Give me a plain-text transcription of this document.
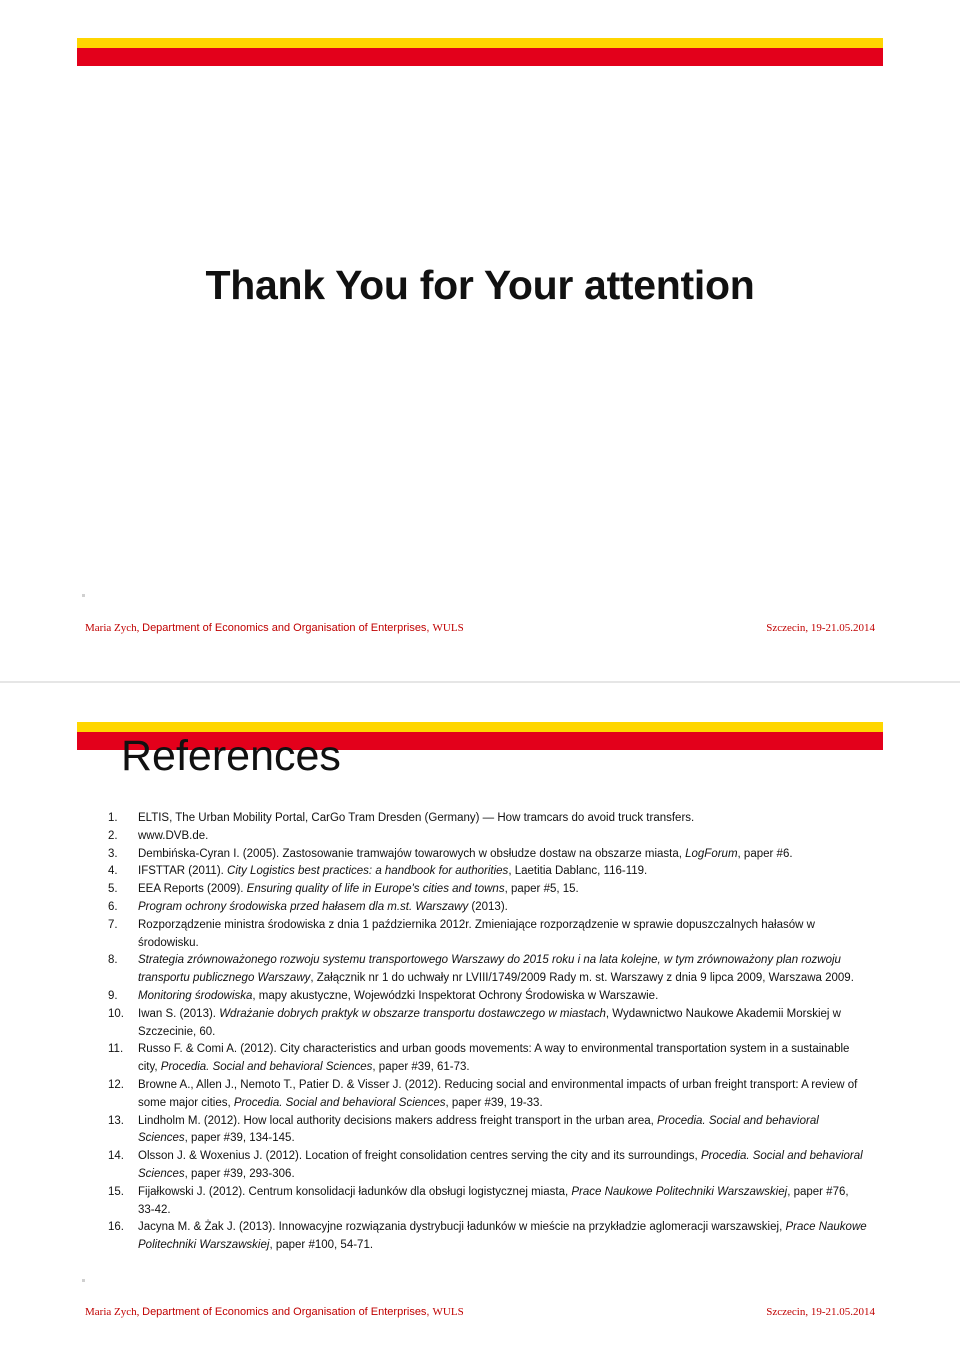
Thank You for Your attention
Maria Zych, Department of Economics and Organisation of Enterprises, WULS	Szczecin, 19-21.05.2014
References
1. ELTIS, The Urban Mobility Portal, CarGo Tram Dresden (Germany) — How tramcars do avoid truck transfers.
2. www.DVB.de.
3. Dembińska-Cyran I. (2005). Zastosowanie tramwajów towarowych w obsłudze dostaw na obszarze miasta, LogForum, paper #6.
4. IFSTTAR (2011). City Logistics best practices: a handbook for authorities, Laetitia Dablanc, 116-119.
5. EEA Reports (2009). Ensuring quality of life in Europe's cities and towns, paper #5, 15.
6. Program ochrony środowiska przed hałasem dla m.st. Warszawy (2013).
7. Rozporządzenie ministra środowiska z dnia 1 października 2012r. Zmieniające rozporządzenie w sprawie dopuszczalnych hałasów w środowisku.
8. Strategia zrównoważonego rozwoju systemu transportowego Warszawy do 2015 roku i na lata kolejne, w tym zrównoważony plan rozwoju transportu publicznego Warszawy, Załącznik nr 1 do uchwały nr LVIII/1749/2009 Rady m. st. Warszawy z dnia 9 lipca 2009, Warszawa 2009.
9. Monitoring środowiska, mapy akustyczne, Wojewódzki Inspektorat Ochrony Środowiska w Warszawie.
10. Iwan S. (2013). Wdrażanie dobrych praktyk w obszarze transportu dostawczego w miastach, Wydawnictwo Naukowe Akademii Morskiej w Szczecinie, 60.
11. Russo F. & Comi A. (2012). City characteristics and urban goods movements: A way to environmental transportation system in a sustainable city, Procedia. Social and behavioral Sciences, paper #39, 61-73.
12. Browne A., Allen J., Nemoto T., Patier D. & Visser J. (2012). Reducing social and environmental impacts of urban freight transport: A review of some major cities, Procedia. Social and behavioral Sciences, paper #39, 19-33.
13. Lindholm M. (2012). How local authority decisions makers address freight transport in the urban area, Procedia. Social and behavioral Sciences, paper #39, 134-145.
14. Olsson J. & Woxenius J. (2012). Location of freight consolidation centres serving the city and its surroundings, Procedia. Social and behavioral Sciences, paper #39, 293-306.
15. Fijałkowski J. (2012). Centrum konsolidacji ładunków dla obsługi logistycznej miasta, Prace Naukowe Politechniki Warszawskiej, paper #76, 33-42.
16. Jacyna M. & Żak J. (2013). Innowacyjne rozwiązania dystrybucji ładunków w mieście na przykładzie aglomeracji warszawskiej, Prace Naukowe Politechniki Warszawskiej, paper #100, 54-71.
Maria Zych, Department of Economics and Organisation of Enterprises, WULS	Szczecin, 19-21.05.2014
